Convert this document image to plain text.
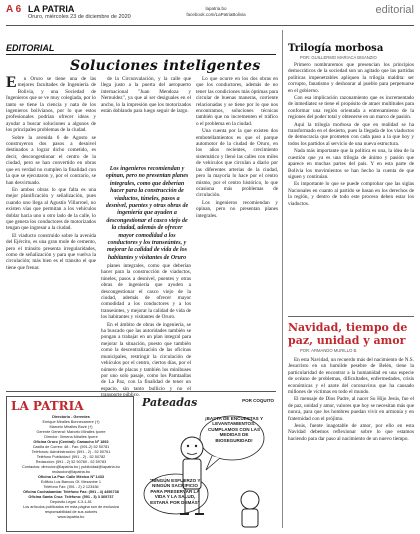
A 6 LA PATRIA
Oruro, miércoles 23 de diciembre de 2020
lapatria.bo
facebook.com/LaPatriaBolivia	editorial
EDITORIAL
Soluciones inteligentes
E	n Oruro se tiene una de las mejores facultades de Ingeniería de Bolivia, y una Sociedad de Ingenieros que se ve muy colegiada, por lo tanto se tiene la ciencia y nata de los ingenieros bolivianos, por lo que estos profesionales podrían ofrecer ideas y ayudar a buscar soluciones a algunos de los principales problemas de la ciudad.

Sobre la avenida 6 de Agosto se construyeron dos pasos a desnivel destinados a lograr dicho cometido, es decir, descongestionar el centro de la ciudad, pero se han convertido en obras que en verdad no cumplen la finalidad con la que se ejecutaron y, por el contrario, se han desvirtuado.

En ambos obras lo que falta es una mejor planificación y señalización, pues cuando uno llega al Agustín Villarroel, no existen vías que permitan a los vehículos doblar hacia uno u otro lado de la calle, lo que genera los conductores de motorizados tengan que ingresar a la ciudad.

El viaducto construido sobre la avenida del Ejército, es una gran mole de cemento, pero el tránsito presenta irregularidades, como de señalización y para que vuelva la circulación; más bien es el tránsito el que tiene que frenar.

de la Circunvalación, y la calle que llega justo a la puerta del aeropuerto internacional "Juan Mendoza y Nernuldez", ya que al ser desiguales en el ancho, lo la impresión que los motorizados están doblando para luego seguir de largo.

Los ingenieros recomiendan y opinan, pero no presentan planes integrales, como que deberían hacer para la construcción de viaductos, túneles, pasos a desnivel, puentes y otras obras de ingeniería que ayuden a descongestionar el casco viejo de la ciudad, además de ofrecer mayor comodidad a los conductores y los transeúntes, y mejorar la calidad de vida de los habitantes y visitantes de Oruro

planes integrales, como que deberían hacer para la construcción de viaductos, túneles, pasos a desnivel, puentes y otras obras de ingeniería que ayuden a descongestionar el casco viejo de la ciudad, además de ofrecer mayor comodidad a los conductores y a los transeúntes, y mejorar la calidad de vida de los habitantes y visitantes de Oruro.

En el ámbito de obras de ingeniería, se ha buscado que las autoridades también se pongan a trabajar en un plan integral para mejorar la situación, puesto que también como la descentralización de las oficinas municipales, restringir la circulación de vehículos por el centro, ciertos días, por el número de placas y también los minibuses por uno solo pasaje, como los Pamtaallas de La Paz, con la finalidad de tener un espacio, sin tanto bullicio y no el transporte público.

Lo que ocurre en los dos obras en que los conductores, además de no tener las condiciones más óptimas para circular de buenas maneras, corriente relacionadas y se tiene por lo que nos encontramos, soluciones técnicas también que no incrementen el tráfico o el problema en la ciudad.

Una cuenta por la que existen dos embotellamientos es que el parque automotor de la ciudad de Oruro, en los años recientes, crecimiento sistemático y llenó las calles con miles de vehículos que circulan a diario por las diferentes arterias de la ciudad, pero la mayoría lo hace por el centro mismo, por el centro histórico, lo que ocasiona más problemas de circulación.

Los ingenieros recomiendan y opinan, pero no presentan planes integrales.

Trilogía morbosa
POR: GUILLERMO MARIACA BISANZIO

Primero nombraremos que presencian los principios democráticos de la sociedad son un agitado que las partidas políticas impenetrables apliquen la trilogía maldita: ser corrupto, fanatismo y deshonrar al pueblo para perpetuarse en el gobierno.

Con esa implicación razonamiento que es incrementado de inmediatez se tiene el propósito de atraer multitudes para conformar una región orientada a entrenamiento de la regiones del poder total y obtenerse en un marco de pasión.

Aquí la trilogía morbosa de que en realidad se ha transformado en el desierto, pues la llegada de los viaductos de democracia que prometen con cada paso a la que hoy y todos los partidos al servicio de una nueva estructura.

Nada más importante que la política es una, la idea de la cuestión que ya es una trilogía de ánimo y pasión que aparece en muchas partes del país. Y en esta parte de Bolivia los movimientos se han hecho la cuenta de que siguen y continúan.

Es importante lo que se puede comprobar que las siglas Nacionales en cuanto al partido se basan en los derechos de la región, y dentro de todo este proceso deben estar los viaductos.

Navidad, tiempo de paz, unidad y amor
POR: ARMANDO MURILLO B.

En esta Navidad, un recuerdo más del nacimiento de N.S. Jesucristo en un humilde pesebre de Belén, tiene la particularidad de encontrar a la humanidad en una especie de océano de problemas, dificultades, enfermedades, crisis económicas y el azote del coronavirus que ha causado millones de víctimas en todo el mundo.

El mensaje de Dios Padre, al nacer Su Hijo Jesús, fue el de paz, unidad y amor, valores que hoy se necesitan más que nunca, para que los hombres puedan vivir en armonía y en fraternidad con el prójimo.

Jesús, fuente inagotable de amor, por ello en esta Navidad debemos reflexionar sobre lo que estamos haciendo para dar paso al nacimiento de un nuevo tiempo.

LA PATRIA
Directorio - Gerentes
Enrique Miralles Bonnecarrere (†)
Marcelo Miralles Bové (†)
Gerente General: Marcelo Miralles Iporre
Director: Ximena Miralles Iporre
Oficina Oruro (Central): Camacho Nº 1892
Casilla de Correo: 48 - Fax: (591-2) 52 50781
Teléfonos: Administración: (591 - 2) - 52 50761
Teléfono Publicidad: (591 - 2) - 52 50782
Redacción: (591 - 2) 52 50780 - 52 59783
Contactos: direccion@lapatria.bo | publicidad@lapatria.bo
redaccion@lapatria.bo
Oficina La Paz: Calle México Nº 1433
Edificio Los Bancos Of. Mezanine 1
Teléfono Fax: (591 - 2) 2 123436
Oficina Cochabamba: Teléfono Fax: (591 - 4) 4456738
Oficina Santa Cruz: Teléfono: (591 - 3) 3 369737
Depósito Legal: 4-3-1-81
Los artículos publicados en esta página son de exclusiva responsabilidad de sus autores
www.lapatria.bo
Pateadas	POR COQUITO
¡BASTA DE ENCUESTAS Y LEVANTAMIENTOS: CUMPLAMOS CON LAS MEDIDAS DE BIOSEGURIDAD!
"NINGÚN ESFUERZO Y NINGÚN SACRIFICIO PARA PRESERVAR LA VIDA Y LA SALUD, ESTARÁ POR DEMÁS"
